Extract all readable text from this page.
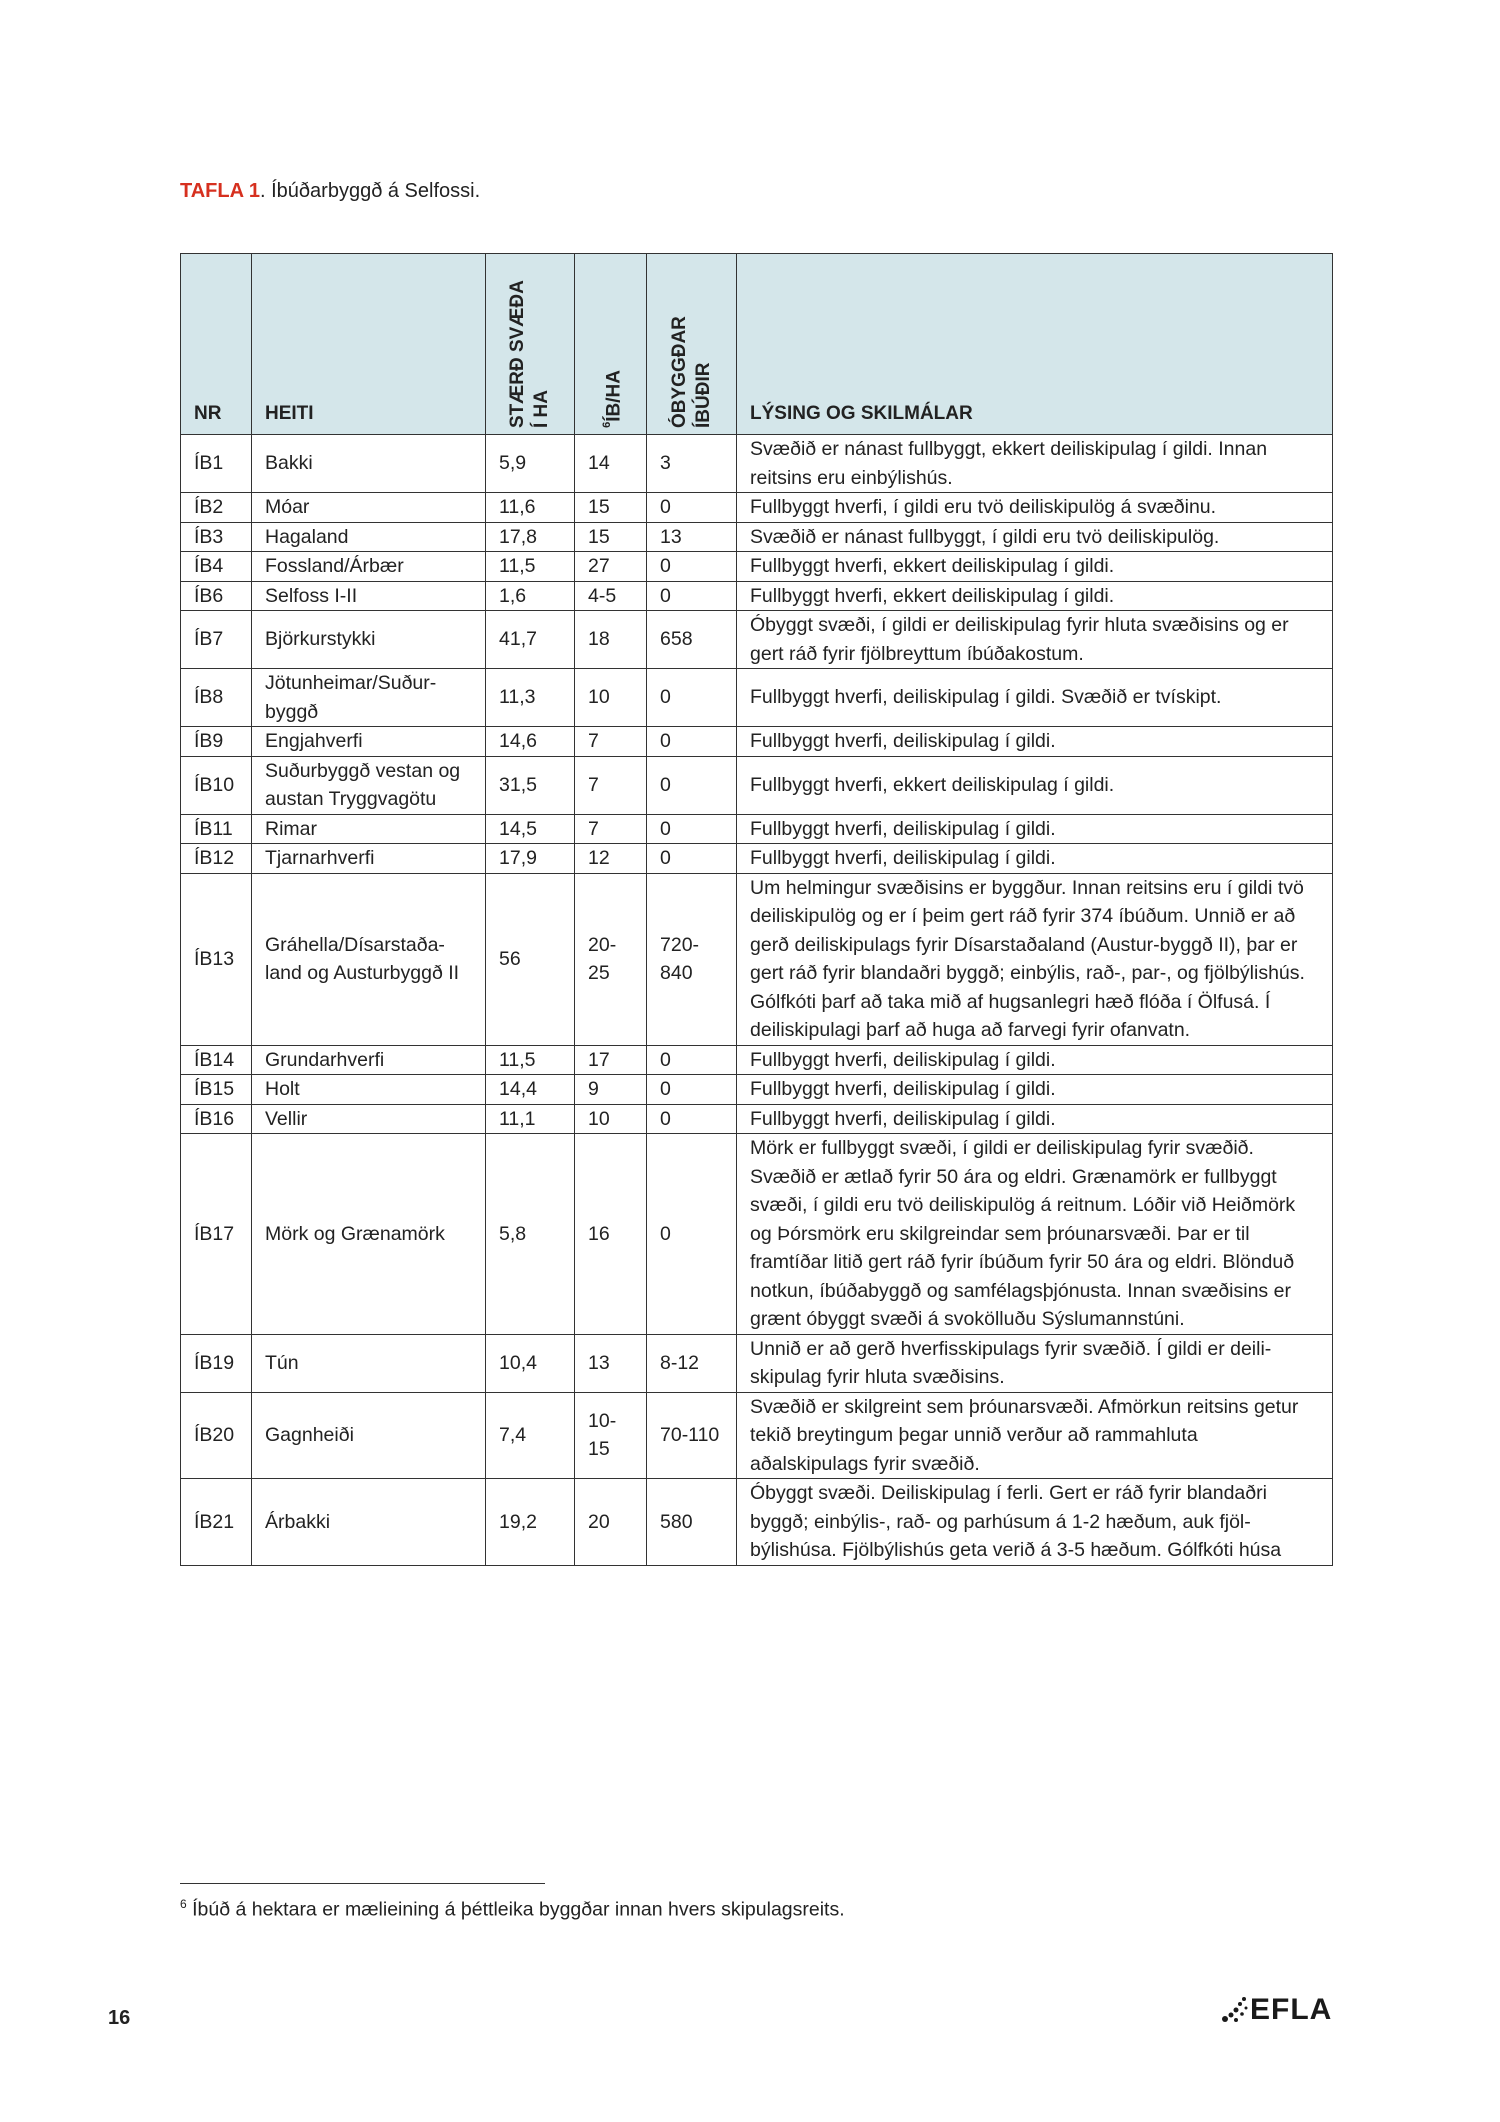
TAFLA 1. Íbúðarbyggð á Selfossi.
NR	HEITI	STÆRÐ SVÆÐA Í HA	$^6$ÍB/HA	ÓBYGGÐAR ÍBÚÐIR	LÝSING OG SKILMÁLAR
ÍB1	Bakki	5,9	14	3	Svæðið er nánast fullbyggt, ekkert deiliskipulag í gildi. Innan reitsins eru einbýlishús.
ÍB2	Móar	11,6	15	0	Fullbyggt hverfi, í gildi eru tvö deiliskipulög á svæðinu.
ÍB3	Hagaland	17,8	15	13	Svæðið er nánast fullbyggt, í gildi eru tvö deiliskipulög.
ÍB4	Fossland/Árbær	11,5	27	0	Fullbyggt hverfi, ekkert deiliskipulag í gildi.
ÍB6	Selfoss I-II	1,6	4-5	0	Fullbyggt hverfi, ekkert deiliskipulag í gildi.
ÍB7	Björkurstykki	41,7	18	658	Óbyggt svæði, í gildi er deiliskipulag fyrir hluta svæðisins og er gert ráð fyrir fjölbreyttum íbúðakostum.
ÍB8	Jötunheimar/Suður-byggð	11,3	10	0	Fullbyggt hverfi, deiliskipulag í gildi. Svæðið er tvískipt.
ÍB9	Engjahverfi	14,6	7	0	Fullbyggt hverfi, deiliskipulag í gildi.
ÍB10	Suðurbyggð vestan og austan Tryggvagötu	31,5	7	0	Fullbyggt hverfi, ekkert deiliskipulag í gildi.
ÍB11	Rimar	14,5	7	0	Fullbyggt hverfi, deiliskipulag í gildi.
ÍB12	Tjarnarhverfi	17,9	12	0	Fullbyggt hverfi, deiliskipulag í gildi.
ÍB13	Gráhella/Dísarstaða-land og Austurbyggð II	56	20-25	720-840	Um helmingur svæðisins er byggður. Innan reitsins eru í gildi tvö deiliskipulög og er í þeim gert ráð fyrir 374 íbúðum. Unnið er að gerð deiliskipulags fyrir Dísarstaðaland (Austur-byggð II), þar er gert ráð fyrir blandaðri byggð; einbýlis, rað-, par-, og fjölbýlishús. Gólfkóti þarf að taka mið af hugsanlegri hæð flóða í Ölfusá. Í deiliskipulagi þarf að huga að farvegi fyrir ofanvatn.
ÍB14	Grundarhverfi	11,5	17	0	Fullbyggt hverfi, deiliskipulag í gildi.
ÍB15	Holt	14,4	9	0	Fullbyggt hverfi, deiliskipulag í gildi.
ÍB16	Vellir	11,1	10	0	Fullbyggt hverfi, deiliskipulag í gildi.
ÍB17	Mörk og Grænamörk	5,8	16	0	Mörk er fullbyggt svæði, í gildi er deiliskipulag fyrir svæðið. Svæðið er ætlað fyrir 50 ára og eldri. Grænamörk er fullbyggt svæði, í gildi eru tvö deiliskipulög á reitnum. Lóðir við Heiðmörk og Þórsmörk eru skilgreindar sem þróunarsvæði. Þar er til framtíðar litið gert ráð fyrir íbúðum fyrir 50 ára og eldri. Blönduð notkun, íbúðabyggð og samfélagsþjónusta. Innan svæðisins er grænt óbyggt svæði á svokölluðu Sýslumannstúni.
ÍB19	Tún	10,4	13	8-12	Unnið er að gerð hverfisskipulags fyrir svæðið. Í gildi er deili-skipulag fyrir hluta svæðisins.
ÍB20	Gagnheiði	7,4	10-15	70-110	Svæðið er skilgreint sem þróunarsvæði. Afmörkun reitsins getur tekið breytingum þegar unnið verður að rammahluta aðalskipulags fyrir svæðið.
ÍB21	Árbakki	19,2	20	580	Óbyggt svæði. Deiliskipulag í ferli. Gert er ráð fyrir blandaðri byggð; einbýlis-, rað- og parhúsum á 1-2 hæðum, auk fjöl-býlishúsa. Fjölbýlishús geta verið á 3-5 hæðum. Gólfkóti húsa
$^6$ Íbúð á hektara er mælieining á þéttleika byggðar innan hvers skipulagsreits.
16	EFLA
